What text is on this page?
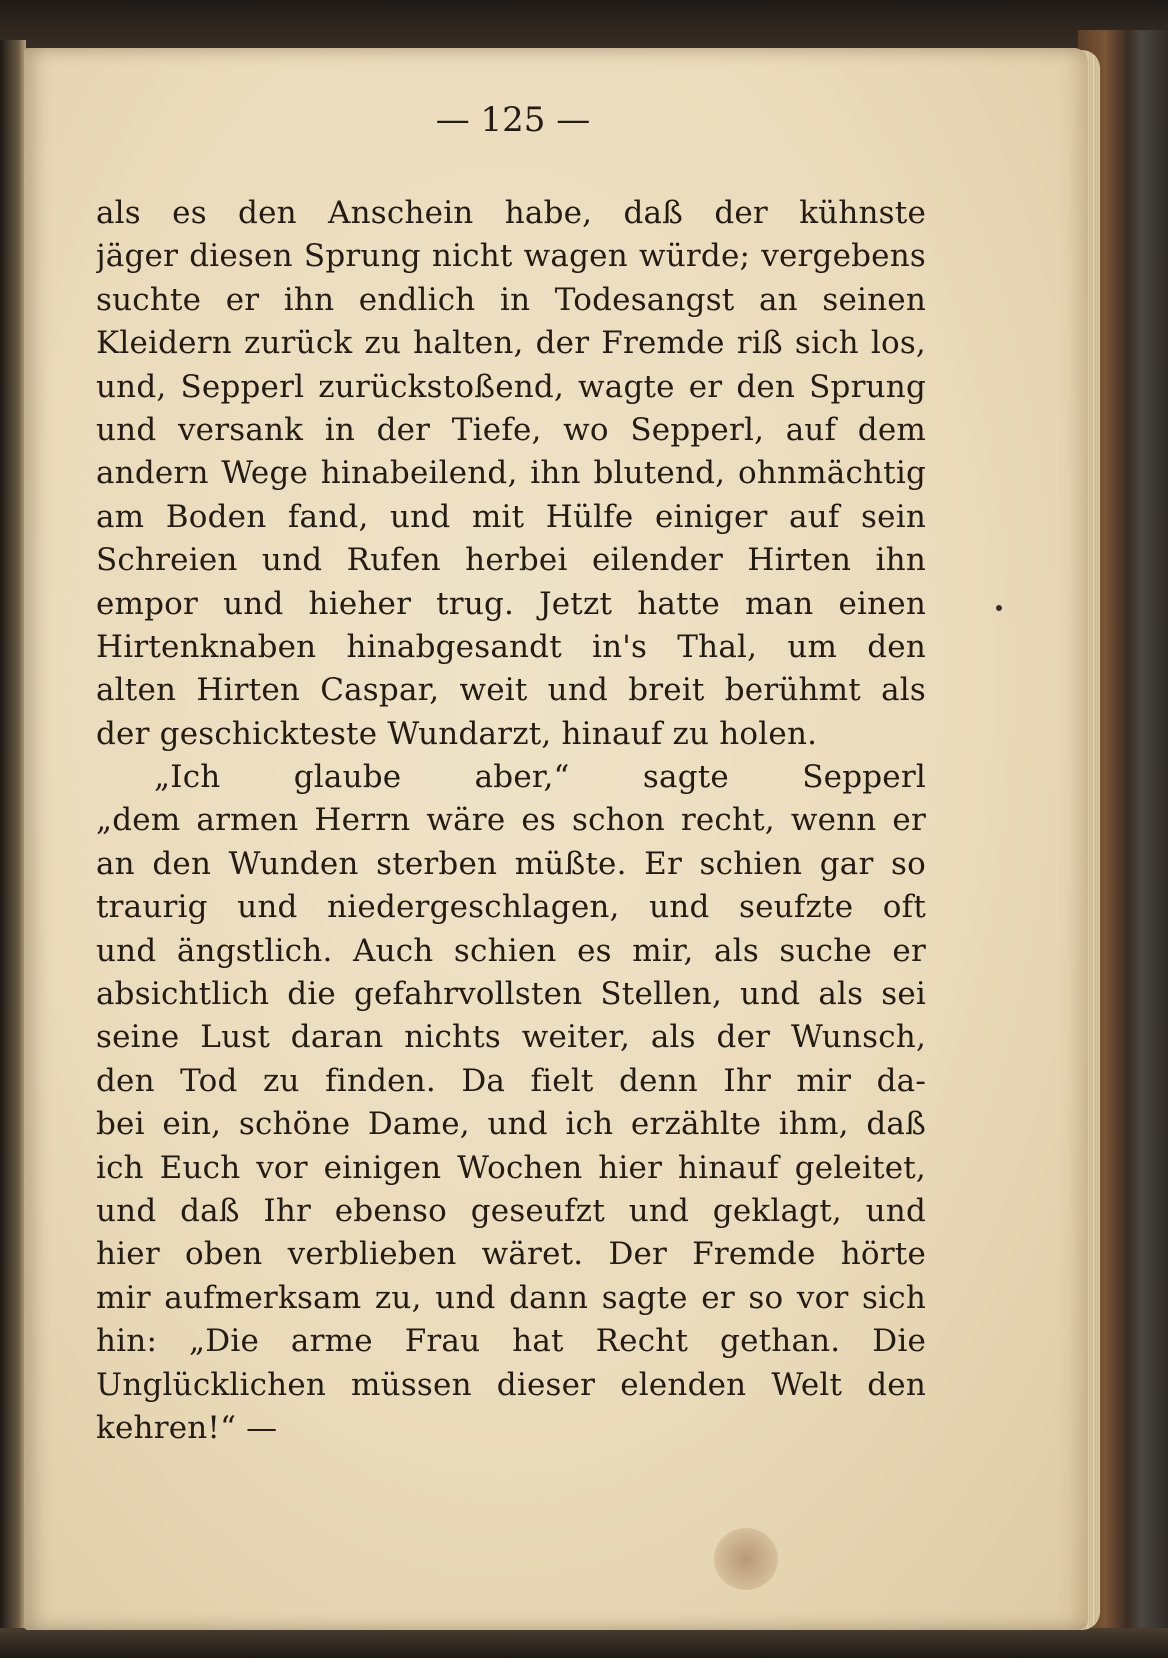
— 125 —

als es den Anschein habe, daß der kühnste
jäger diesen Sprung nicht wagen würde; vergebens
suchte er ihn endlich in Todesangst an seinen
Kleidern zurück zu halten, der Fremde riß sich los,
und, Sepperl zurückstoßend, wagte er den Sprung
und versank in der Tiefe, wo Sepperl, auf dem
andern Wege hinabeilend, ihn blutend, ohnmächtig
am Boden fand, und mit Hülfe einiger auf sein
Schreien und Rufen herbei eilender Hirten ihn
empor und hieher trug. Jetzt hatte man einen
Hirtenknaben hinabgesandt in's Thal, um den
alten Hirten Caspar, weit und breit berühmt als
der geschickteste Wundarzt, hinauf zu holen.
„Ich glaube aber,“ sagte Sepperl
„dem armen Herrn wäre es schon recht, wenn er
an den Wunden sterben müßte. Er schien gar so
traurig und niedergeschlagen, und seufzte oft
und ängstlich. Auch schien es mir, als suche er
absichtlich die gefahrvollsten Stellen, und als sei
seine Lust daran nichts weiter, als der Wunsch,
den Tod zu finden. Da fielt denn Ihr mir da-
bei ein, schöne Dame, und ich erzählte ihm, daß
ich Euch vor einigen Wochen hier hinauf geleitet,
und daß Ihr ebenso geseufzt und geklagt, und
hier oben verblieben wäret. Der Fremde hörte
mir aufmerksam zu, und dann sagte er so vor sich
hin: „Die arme Frau hat Recht gethan. Die
Unglücklichen müssen dieser elenden Welt den
kehren!“ —
